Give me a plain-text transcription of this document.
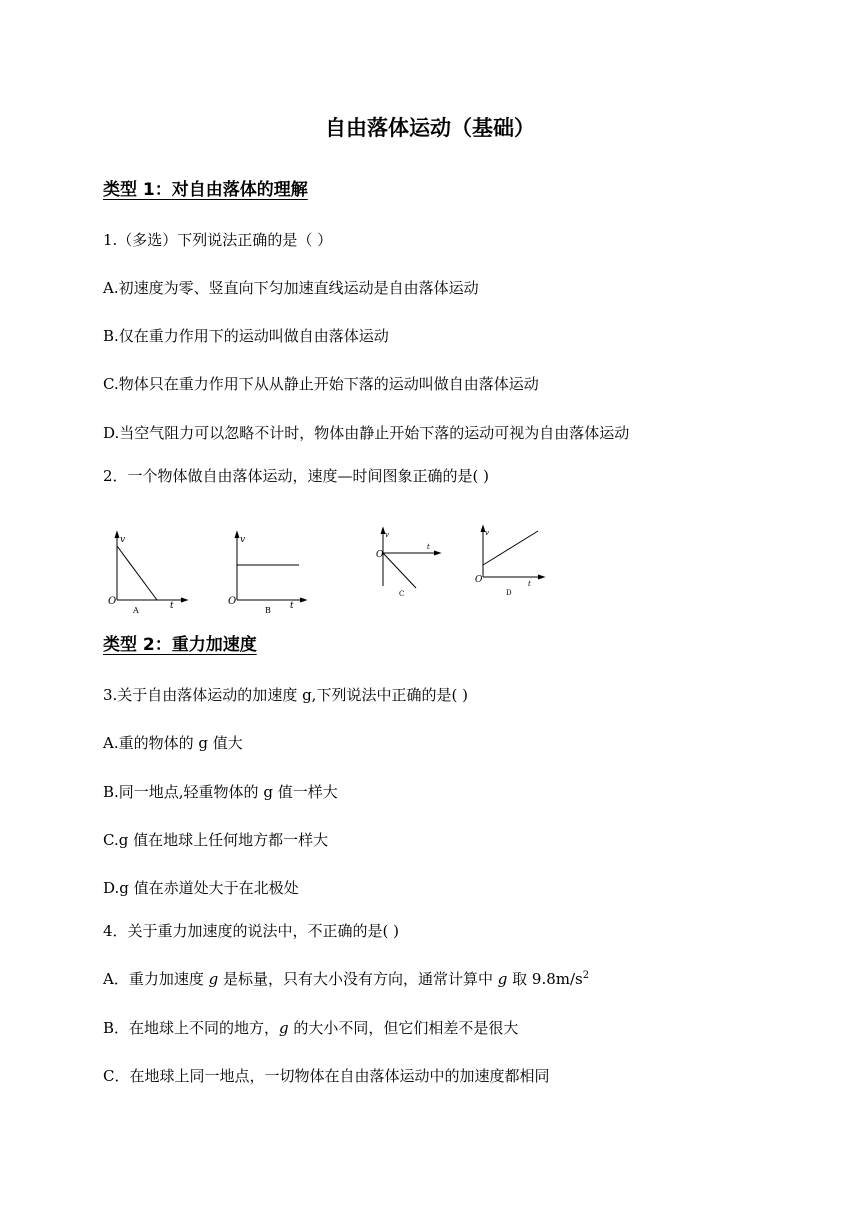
自由落体运动（基础）
类型 1：对自由落体的理解
1.（多选）下列说法正确的是（ ）
A.初速度为零、竖直向下匀加速直线运动是自由落体运动
B.仅在重力作用下的运动叫做自由落体运动
C.物体只在重力作用下从从静止开始下落的运动叫做自由落体运动
D.当空气阻力可以忽略不计时，物体由静止开始下落的运动可视为自由落体运动
2．一个物体做自由落体运动，速度—时间图象正确的是( )
v
O	t
A
v
O	t
B
v
O
t
C
v
O	t
D
类型 2：重力加速度
3.关于自由落体运动的加速度 g,下列说法中正确的是( )
A.重的物体的 g 值大
B.同一地点,轻重物体的 g 值一样大
C.g 值在地球上任何地方都一样大
D.g 值在赤道处大于在北极处
4．关于重力加速度的说法中，不正确的是( )
A．重力加速度 g 是标量，只有大小没有方向，通常计算中 g 取 $9.8m/s^2$
B．在地球上不同的地方，g 的大小不同，但它们相差不是很大
C．在地球上同一地点，一切物体在自由落体运动中的加速度都相同
